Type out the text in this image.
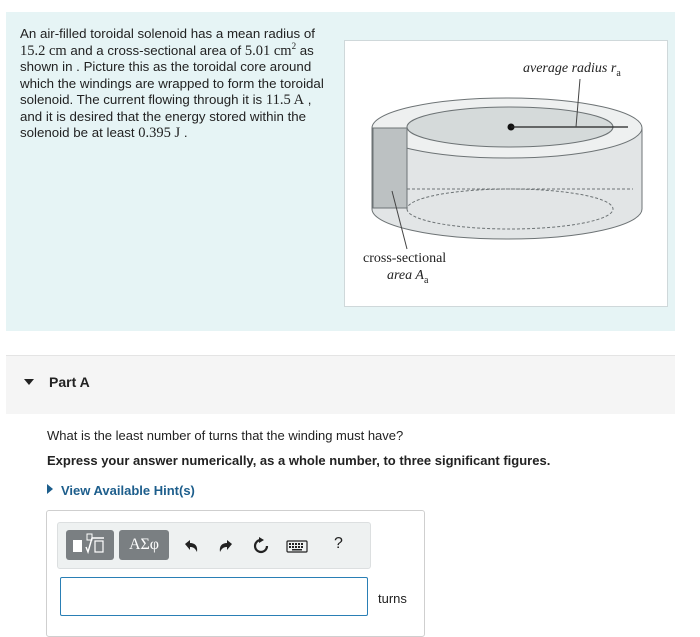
average radius $r_a$
cross-sectional
area $A_a$
An air-filled toroidal solenoid has a mean radius of 15.2 cm and a cross-sectional area of 5.01 $cm^2$ as shown in . Picture this as the toroidal core around which the windings are wrapped to form the toroidal solenoid. The current flowing through it is 11.5 A , and it is desired that the energy stored within the solenoid be at least 0.395 J .
Part A
What is the least number of turns that the winding must have?
Express your answer numerically, as a whole number, to three significant figures.
View Available Hint(s)
ΑΣφ	?
turns
